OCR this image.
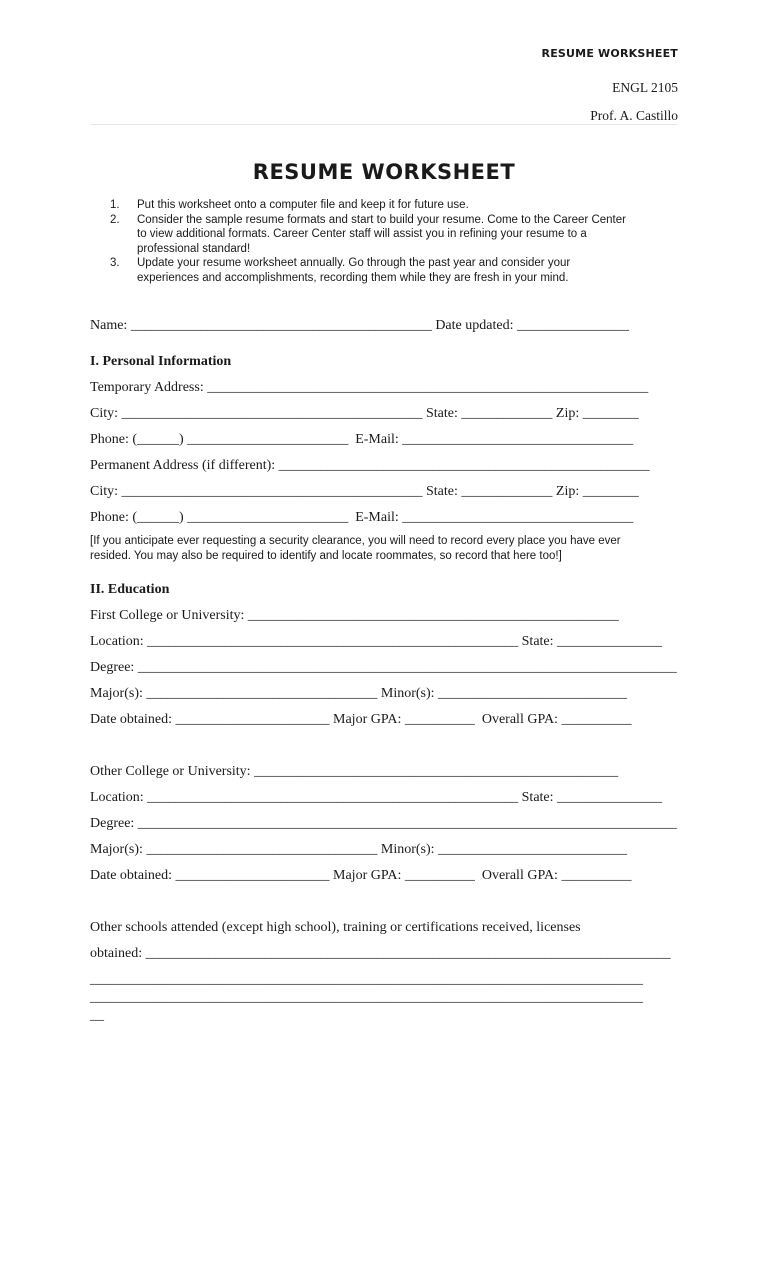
RESUME WORKSHEET
ENGL 2105
Prof. A. Castillo
RESUME WORKSHEET
1.	Put this worksheet onto a computer file and keep it for future use.
2.	Consider the sample resume formats and start to build your resume. Come to the Career Center
to view additional formats. Career Center staff will assist you in refining your resume to a
professional standard!
3.	Update your resume worksheet annually. Go through the past year and consider your
experiences and accomplishments, recording them while they are fresh in your mind.
Name: ___________________________________________ Date updated: ________________
I. Personal Information
Temporary Address: _______________________________________________________________
City: ___________________________________________ State: _____________ Zip: ________
Phone: (______) _______________________  E-Mail: _________________________________
Permanent Address (if different): _____________________________________________________
City: ___________________________________________ State: _____________ Zip: ________
Phone: (______) _______________________  E-Mail: _________________________________
[If you anticipate ever requesting a security clearance, you will need to record every place you have ever
resided. You may also be required to identify and locate roommates, so record that here too!]
II. Education
First College or University: _____________________________________________________
Location: _____________________________________________________ State: _______________
Degree: _____________________________________________________________________________
Major(s): _________________________________ Minor(s): ___________________________
Date obtained: ______________________ Major GPA: __________  Overall GPA: __________
Other College or University: ____________________________________________________
Location: _____________________________________________________ State: _______________
Degree: _____________________________________________________________________________
Major(s): _________________________________ Minor(s): ___________________________
Date obtained: ______________________ Major GPA: __________  Overall GPA: __________
Other schools attended (except high school), training or certifications received, licenses
obtained: ___________________________________________________________________________
_______________________________________________________________________________
_______________________________________________________________________________
__
